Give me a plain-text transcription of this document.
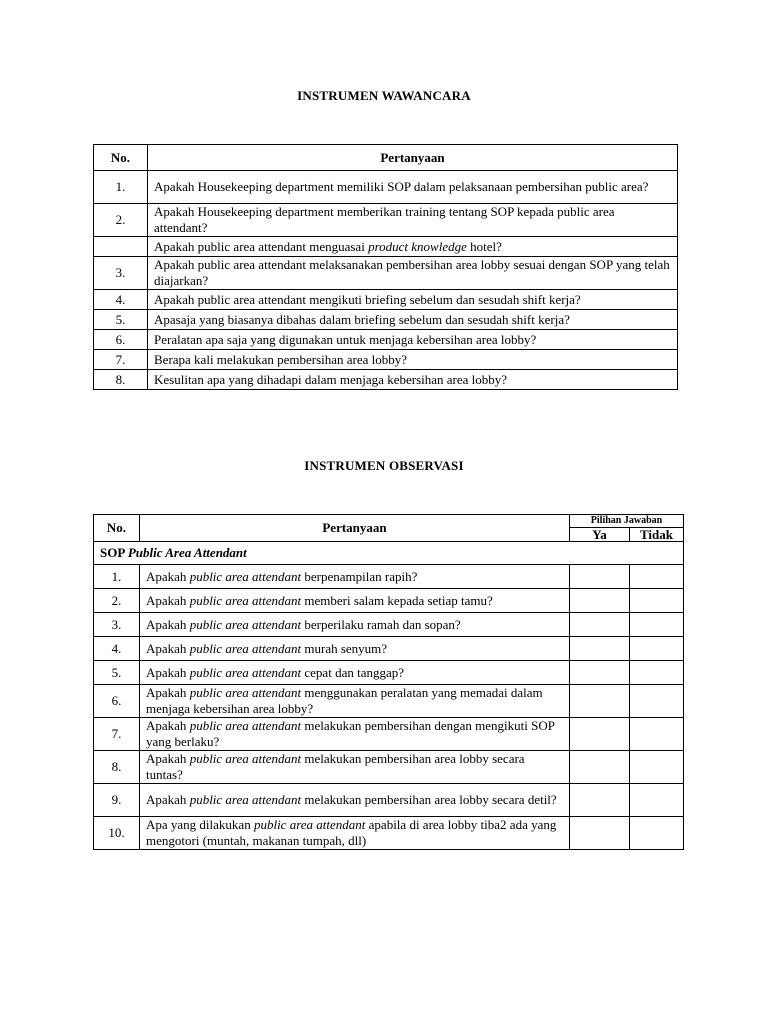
INSTRUMEN WAWANCARA
No.	Pertanyaan
1.	Apakah Housekeeping department memiliki SOP dalam pelaksanaan pembersihan public area?
2.	Apakah Housekeeping department memberikan training tentang SOP kepada public area attendant?
	Apakah public area attendant menguasai product knowledge hotel?
3.	Apakah public area attendant melaksanakan pembersihan area lobby sesuai dengan SOP yang telah diajarkan?
4.	Apakah public area attendant mengikuti briefing sebelum dan sesudah shift kerja?
5.	Apasaja yang biasanya dibahas dalam briefing sebelum dan sesudah shift kerja?
6.	Peralatan apa saja yang digunakan untuk menjaga kebersihan area lobby?
7.	Berapa kali melakukan pembersihan area lobby?
8.	Kesulitan apa yang dihadapi dalam menjaga kebersihan area lobby?
INSTRUMEN OBSERVASI
No.	Pertanyaan	Pilihan Jawaban	
		Ya	Tidak
SOP Public Area Attendant			
1.	Apakah public area attendant berpenampilan rapih?		
2.	Apakah public area attendant memberi salam kepada setiap tamu?		
3.	Apakah public area attendant berperilaku ramah dan sopan?		
4.	Apakah public area attendant murah senyum?		
5.	Apakah public area attendant cepat dan tanggap?		
6.	Apakah public area attendant menggunakan peralatan yang memadai dalam menjaga kebersihan area lobby?		
7.	Apakah public area attendant melakukan pembersihan dengan mengikuti SOP yang berlaku?		
8.	Apakah public area attendant melakukan pembersihan area lobby secara tuntas?		
9.	Apakah public area attendant melakukan pembersihan area lobby secara detil?		
10.	Apa yang dilakukan public area attendant apabila di area lobby tiba2 ada yang mengotori (muntah, makanan tumpah, dll)		
